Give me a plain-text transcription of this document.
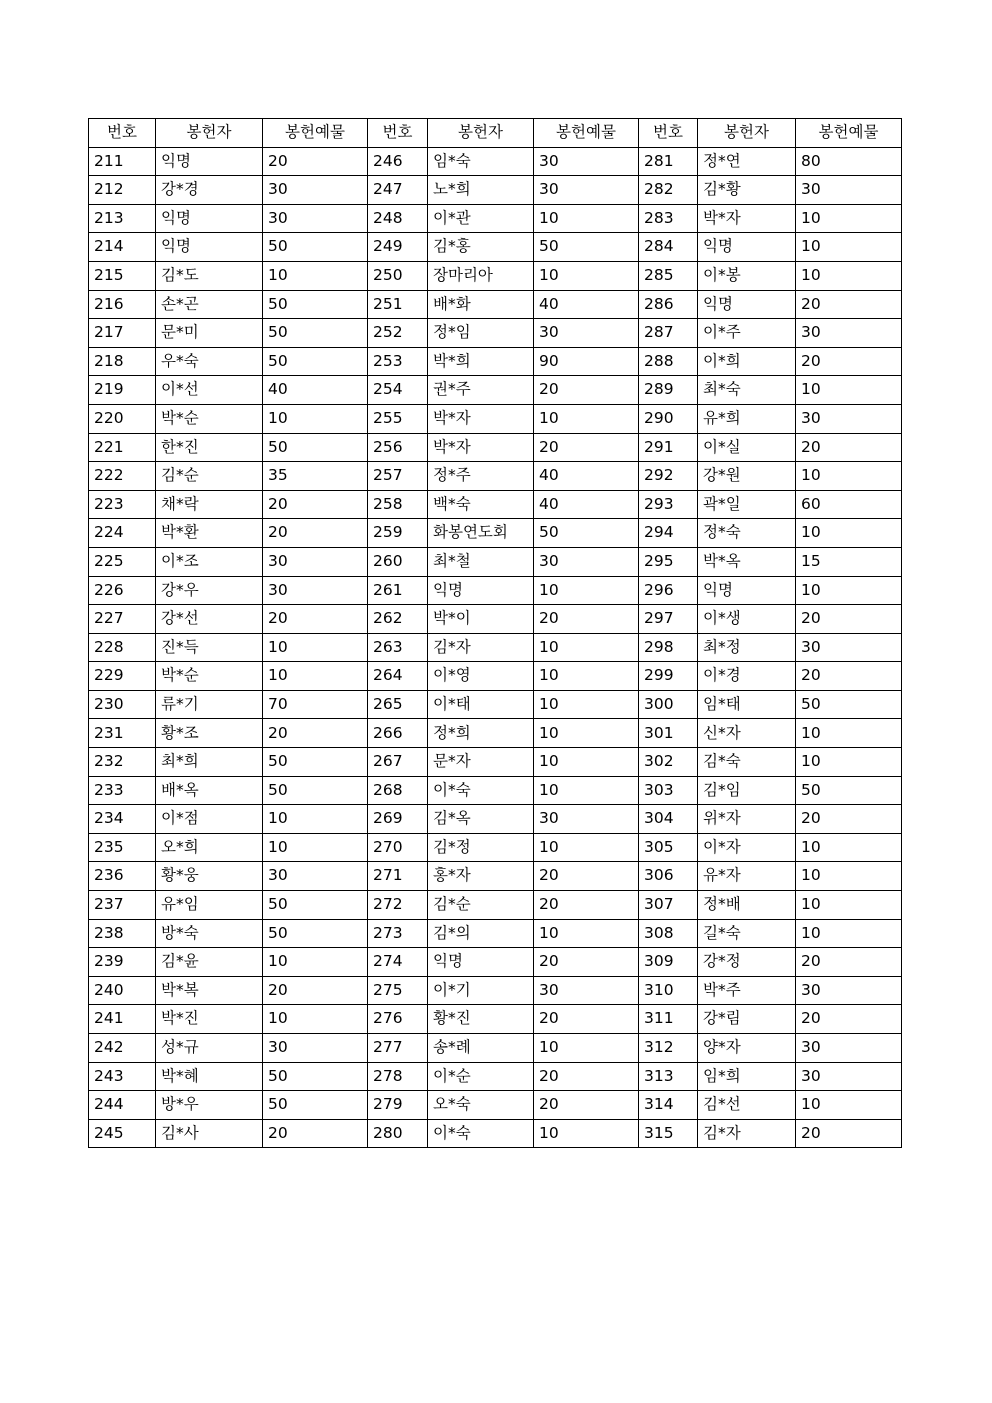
번호	봉헌자	봉헌예물	번호	봉헌자	봉헌예물	번호	봉헌자	봉헌예물
211	익명	20	246	임*숙	30	281	정*연	80
212	강*경	30	247	노*희	30	282	김*황	30
213	익명	30	248	이*관	10	283	박*자	10
214	익명	50	249	김*홍	50	284	익명	10
215	김*도	10	250	장마리아	10	285	이*봉	10
216	손*곤	50	251	배*화	40	286	익명	20
217	문*미	50	252	정*임	30	287	이*주	30
218	우*숙	50	253	박*희	90	288	이*희	20
219	이*선	40	254	권*주	20	289	최*숙	10
220	박*순	10	255	박*자	10	290	유*희	30
221	한*진	50	256	박*자	20	291	이*실	20
222	김*순	35	257	정*주	40	292	강*원	10
223	채*락	20	258	백*숙	40	293	곽*일	60
224	박*환	20	259	화봉연도회	50	294	정*숙	10
225	이*조	30	260	최*철	30	295	박*옥	15
226	강*우	30	261	익명	10	296	익명	10
227	강*선	20	262	박*이	20	297	이*생	20
228	진*득	10	263	김*자	10	298	최*정	30
229	박*순	10	264	이*영	10	299	이*경	20
230	류*기	70	265	이*태	10	300	임*태	50
231	황*조	20	266	정*희	10	301	신*자	10
232	최*희	50	267	문*자	10	302	김*숙	10
233	배*옥	50	268	이*숙	10	303	김*임	50
234	이*점	10	269	김*옥	30	304	위*자	20
235	오*희	10	270	김*정	10	305	이*자	10
236	황*웅	30	271	홍*자	20	306	유*자	10
237	유*임	50	272	김*순	20	307	정*배	10
238	방*숙	50	273	김*의	10	308	길*숙	10
239	김*윤	10	274	익명	20	309	강*정	20
240	박*복	20	275	이*기	30	310	박*주	30
241	박*진	10	276	황*진	20	311	강*림	20
242	성*규	30	277	송*례	10	312	양*자	30
243	박*혜	50	278	이*순	20	313	임*희	30
244	방*우	50	279	오*숙	20	314	김*선	10
245	김*사	20	280	이*숙	10	315	김*자	20
